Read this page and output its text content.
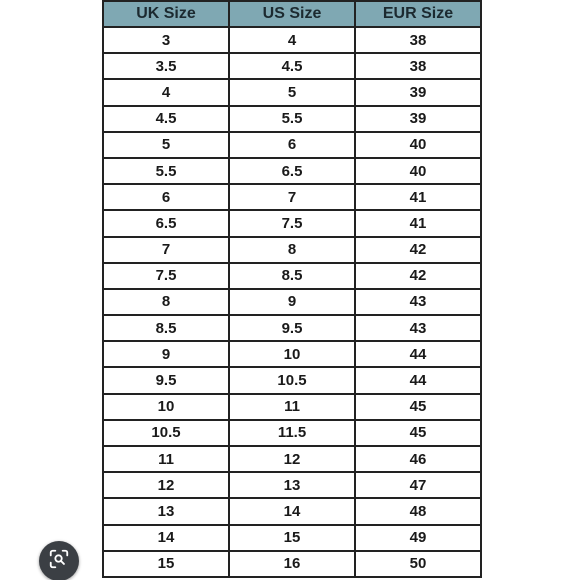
UK Size	US Size	EUR Size
3	4	38
3.5	4.5	38
4	5	39
4.5	5.5	39
5	6	40
5.5	6.5	40
6	7	41
6.5	7.5	41
7	8	42
7.5	8.5	42
8	9	43
8.5	9.5	43
9	10	44
9.5	10.5	44
10	11	45
10.5	11.5	45
11	12	46
12	13	47
13	14	48
14	15	49
15	16	50
